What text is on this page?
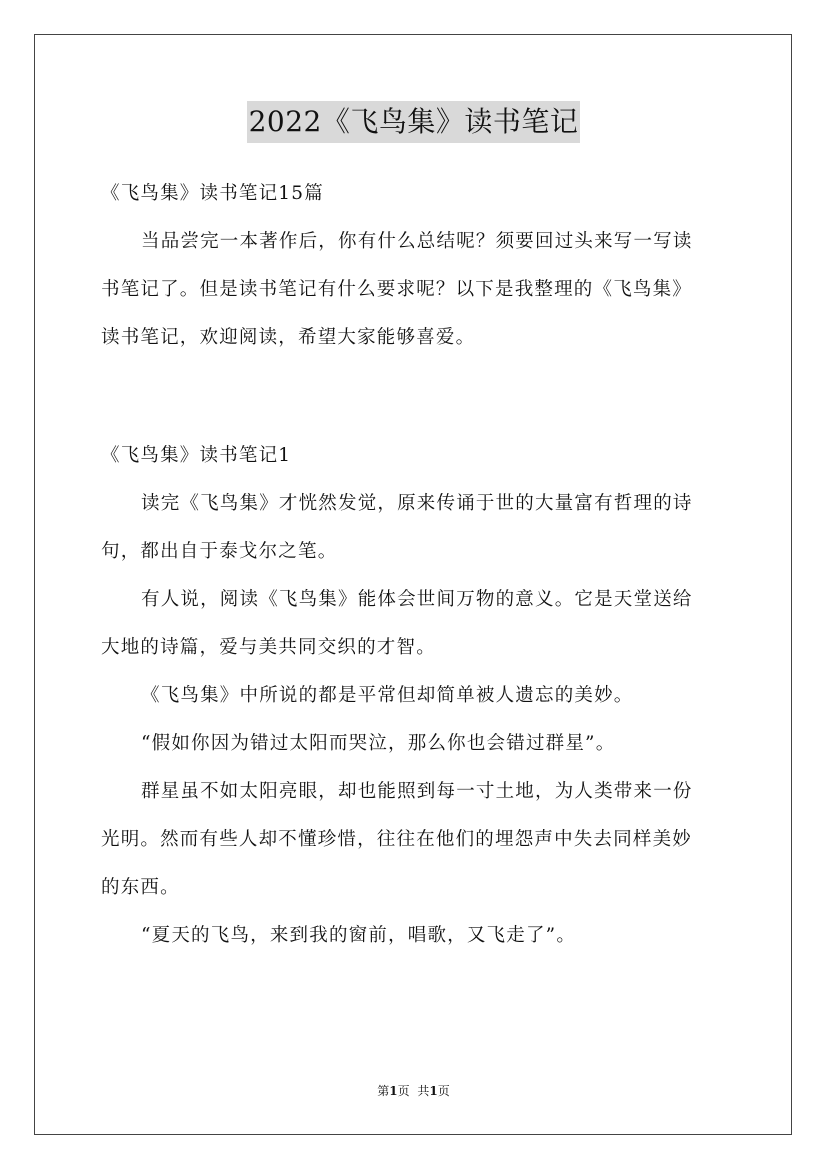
2022《飞鸟集》读书笔记
《飞鸟集》读书笔记15篇
当品尝完一本著作后，你有什么总结呢？须要回过头来写一写读
书笔记了。但是读书笔记有什么要求呢？以下是我整理的《飞鸟集》
读书笔记，欢迎阅读，希望大家能够喜爱。
《飞鸟集》读书笔记1
读完《飞鸟集》才恍然发觉，原来传诵于世的大量富有哲理的诗
句，都出自于泰戈尔之笔。
有人说，阅读《飞鸟集》能体会世间万物的意义。它是天堂送给
大地的诗篇，爱与美共同交织的才智。
《飞鸟集》中所说的都是平常但却简单被人遗忘的美妙。
“假如你因为错过太阳而哭泣，那么你也会错过群星”。
群星虽不如太阳亮眼，却也能照到每一寸土地，为人类带来一份
光明。然而有些人却不懂珍惜，往往在他们的埋怨声中失去同样美妙
的东西。
“夏天的飞鸟，来到我的窗前，唱歌，又飞走了”。
第1页 共1页
